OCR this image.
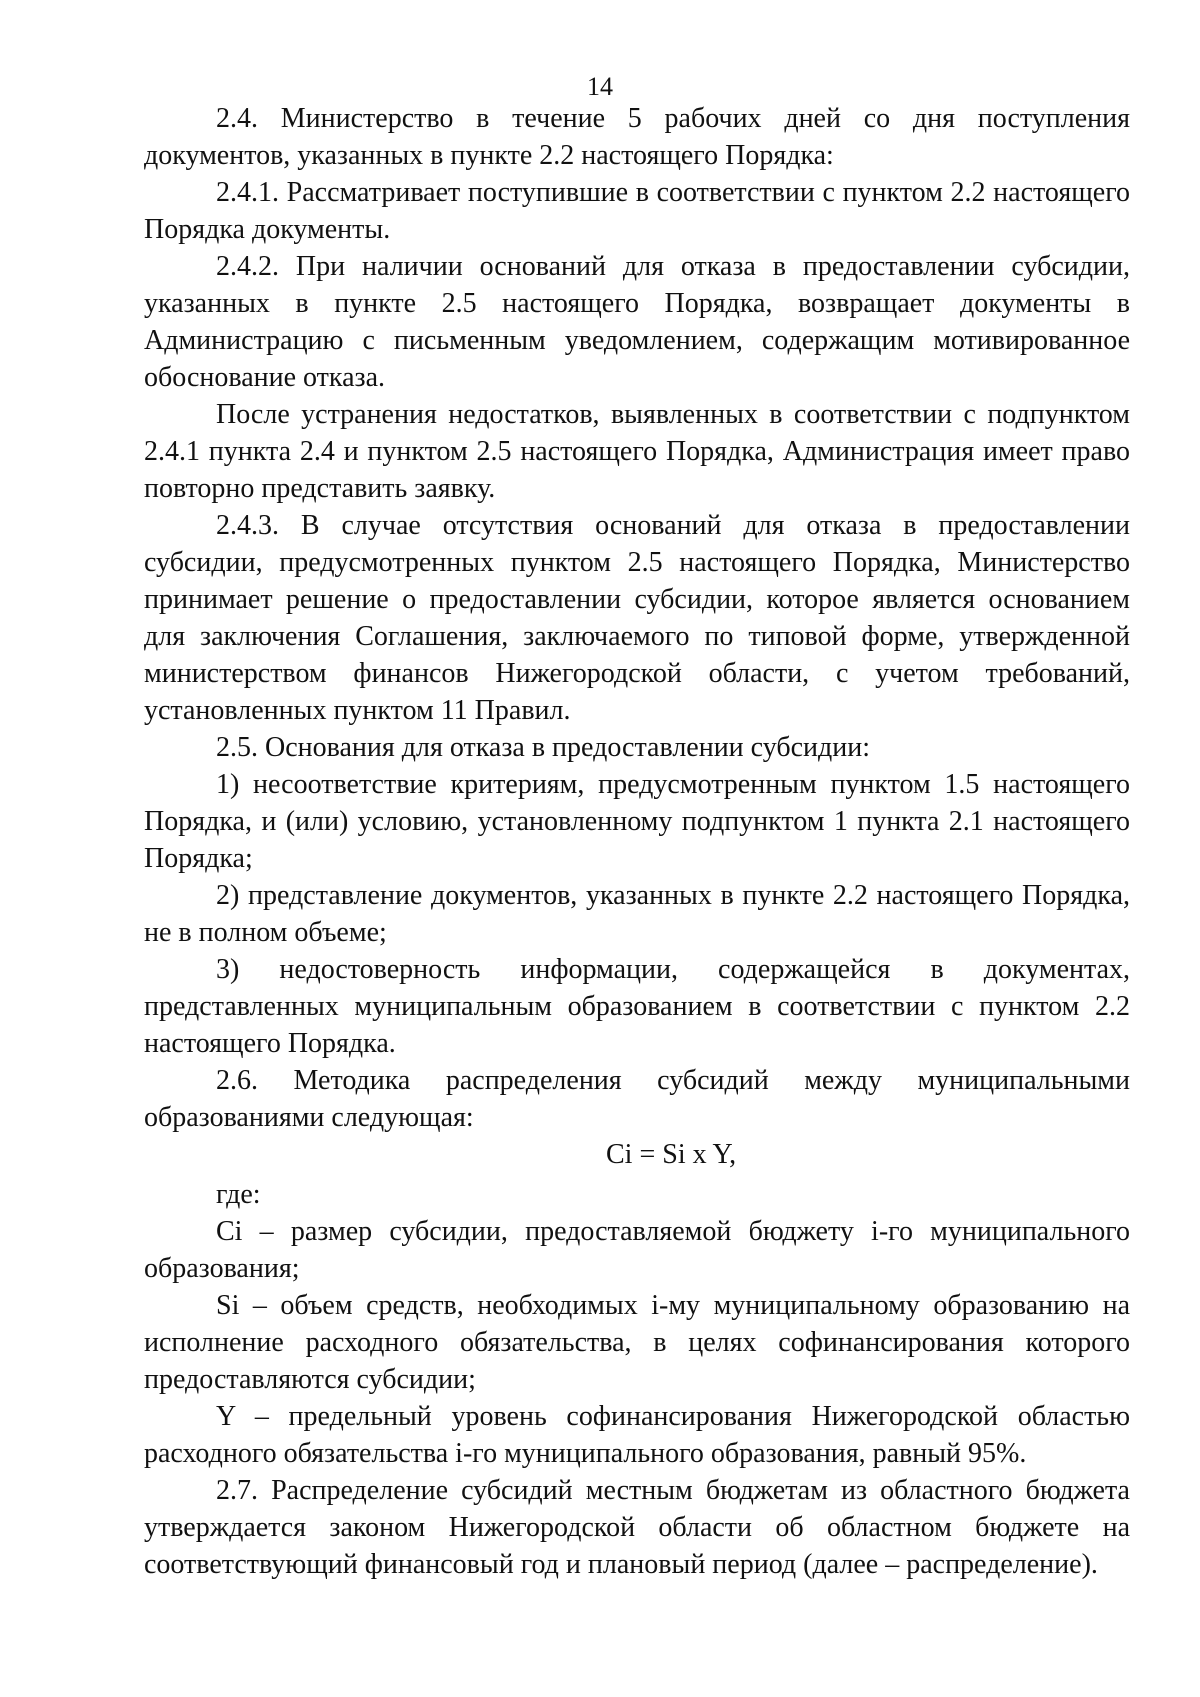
14

2.4. Министерство в течение 5 рабочих дней со дня поступления документов, указанных в пункте 2.2 настоящего Порядка:

2.4.1. Рассматривает поступившие в соответствии с пунктом 2.2 настоящего Порядка документы.

2.4.2. При наличии оснований для отказа в предоставлении субсидии, указанных в пункте 2.5 настоящего Порядка, возвращает документы в Администрацию с письменным уведомлением, содержащим мотивированное обоснование отказа.

После устранения недостатков, выявленных в соответствии с подпунктом 2.4.1 пункта 2.4 и пунктом 2.5 настоящего Порядка, Администрация имеет право повторно представить заявку.

2.4.3. В случае отсутствия оснований для отказа в предоставлении субсидии, предусмотренных пунктом 2.5 настоящего Порядка, Министерство принимает решение о предоставлении субсидии, которое является основанием для заключения Соглашения, заключаемого по типовой форме, утвержденной министерством финансов Нижегородской области, с учетом требований, установленных пунктом 11 Правил.

2.5. Основания для отказа в предоставлении субсидии:

1) несоответствие критериям, предусмотренным пунктом 1.5 настоящего Порядка, и (или) условию, установленному подпунктом 1 пункта 2.1 настоящего Порядка;

2) представление документов, указанных в пункте 2.2 настоящего Порядка, не в полном объеме;

3) недостоверность информации, содержащейся в документах, представленных муниципальным образованием в соответствии с пунктом 2.2 настоящего Порядка.

2.6. Методика распределения субсидий между муниципальными образованиями следующая:

Ci = Si x Y,

где:

Ci – размер субсидии, предоставляемой бюджету i-го муниципального образования;

Si – объем средств, необходимых i-му муниципальному образованию на исполнение расходного обязательства, в целях софинансирования которого предоставляются субсидии;

Y – предельный уровень софинансирования Нижегородской областью расходного обязательства i-го муниципального образования, равный 95%.

2.7. Распределение субсидий местным бюджетам из областного бюджета утверждается законом Нижегородской области об областном бюджете на соответствующий финансовый год и плановый период (далее – распределение).
